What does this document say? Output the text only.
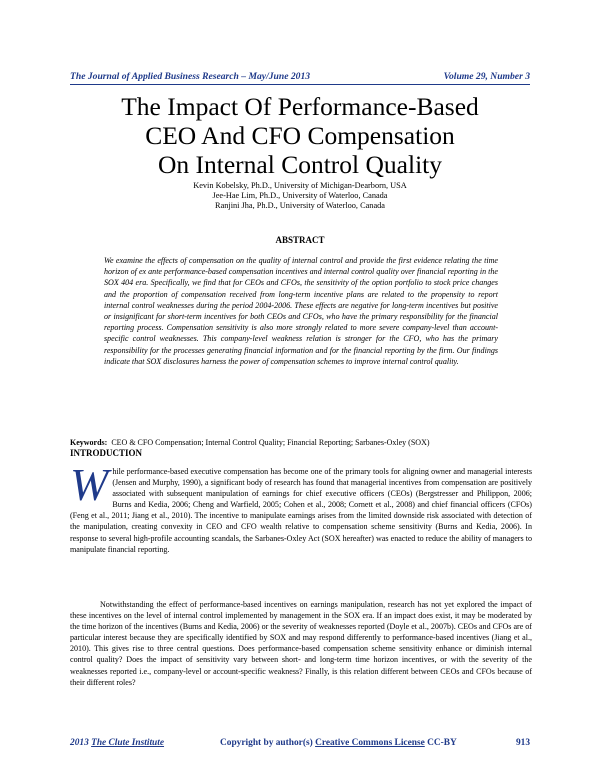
The Journal of Applied Business Research – May/June 2013	Volume 29, Number 3
The Impact Of Performance-Based
CEO And CFO Compensation
On Internal Control Quality
Kevin Kobelsky, Ph.D., University of Michigan-Dearborn, USA
Jee-Hae Lim, Ph.D., University of Waterloo, Canada
Ranjini Jha, Ph.D., University of Waterloo, Canada
ABSTRACT

We examine the effects of compensation on the quality of internal control and provide the first evidence relating the time horizon of ex ante performance-based compensation incentives and internal control quality over financial reporting in the SOX 404 era. Specifically, we find that for CEOs and CFOs, the sensitivity of the option portfolio to stock price changes and the proportion of compensation received from long-term incentive plans are related to the propensity to report internal control weaknesses during the period 2004-2006. These effects are negative for long-term incentives but positive or insignificant for short-term incentives for both CEOs and CFOs, who have the primary responsibility for the financial reporting process. Compensation sensitivity is also more strongly related to more severe company-level than account-specific control weaknesses. This company-level weakness relation is stronger for the CFO, who has the primary responsibility for the processes generating financial information and for the financial reporting by the firm. Our findings indicate that SOX disclosures harness the power of compensation schemes to improve internal control quality.

Keywords: CEO & CFO Compensation; Internal Control Quality; Financial Reporting; Sarbanes-Oxley (SOX)
INTRODUCTION

While performance-based executive compensation has become one of the primary tools for aligning owner and managerial interests (Jensen and Murphy, 1990), a significant body of research has found that managerial incentives from compensation are positively associated with subsequent manipulation of earnings for chief executive officers (CEOs) (Bergstresser and Philippon, 2006; Burns and Kedia, 2006; Cheng and Warfield, 2005; Cohen et al., 2008; Cornett et al., 2008) and chief financial officers (CFOs) (Feng et al., 2011; Jiang et al., 2010). The incentive to manipulate earnings arises from the limited downside risk associated with detection of the manipulation, creating convexity in CEO and CFO wealth relative to compensation scheme sensitivity (Burns and Kedia, 2006). In response to several high-profile accounting scandals, the Sarbanes-Oxley Act (SOX hereafter) was enacted to reduce the ability of managers to manipulate financial reporting.

Notwithstanding the effect of performance-based incentives on earnings manipulation, research has not yet explored the impact of these incentives on the level of internal control implemented by management in the SOX era. If an impact does exist, it may be moderated by the time horizon of the incentives (Burns and Kedia, 2006) or the severity of weaknesses reported (Doyle et al., 2007b). CEOs and CFOs are of particular interest because they are specifically identified by SOX and may respond differently to performance-based incentives (Jiang et al., 2010). This gives rise to three central questions. Does performance-based compensation scheme sensitivity enhance or diminish internal control quality? Does the impact of sensitivity vary between short- and long-term time horizon incentives, or with the severity of the weaknesses reported i.e., company-level or account-specific weakness? Finally, is this relation different between CEOs and CFOs because of their different roles?

2013 The Clute Institute	Copyright by author(s) Creative Commons License CC-BY	913
